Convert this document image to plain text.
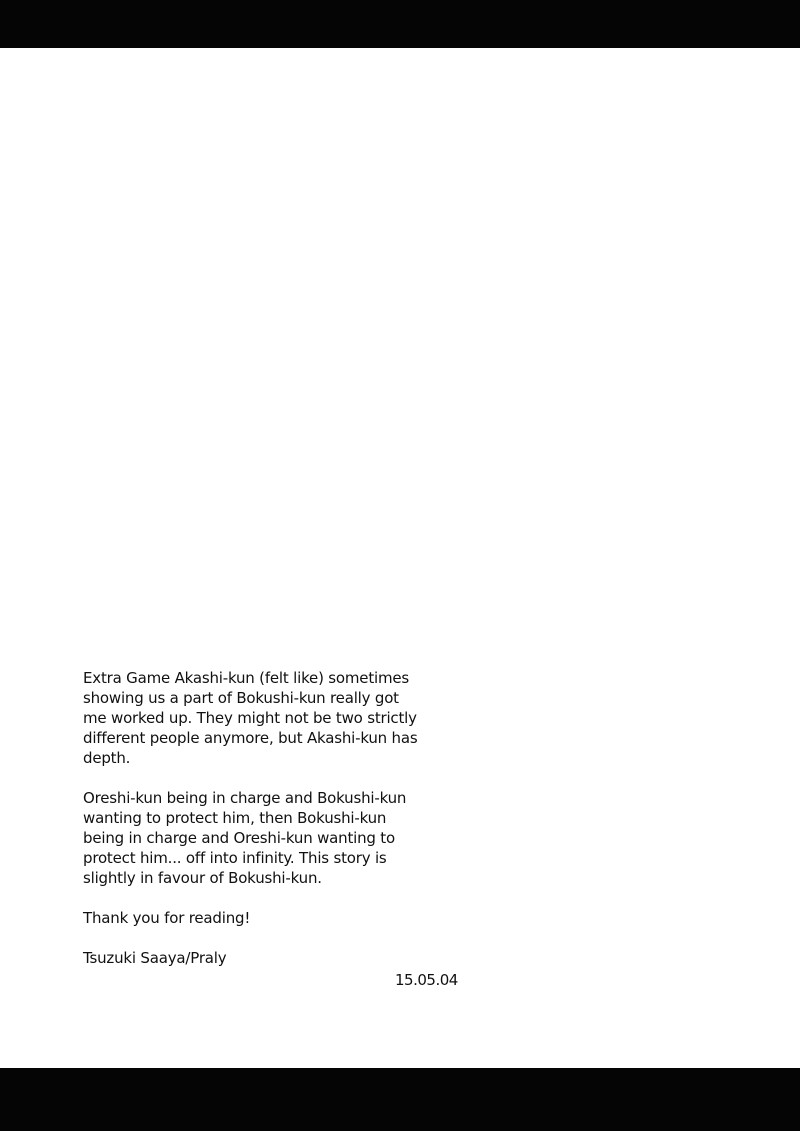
Extra Game Akashi-kun (felt like) sometimes
showing us a part of Bokushi-kun really got
me worked up. They might not be two strictly
different people anymore, but Akashi-kun has
depth.

Oreshi-kun being in charge and Bokushi-kun
wanting to protect him, then Bokushi-kun
being in charge and Oreshi-kun wanting to
protect him... off into infinity. This story is
slightly in favour of Bokushi-kun.

Thank you for reading!

Tsuzuki Saaya/Praly

15.05.04
